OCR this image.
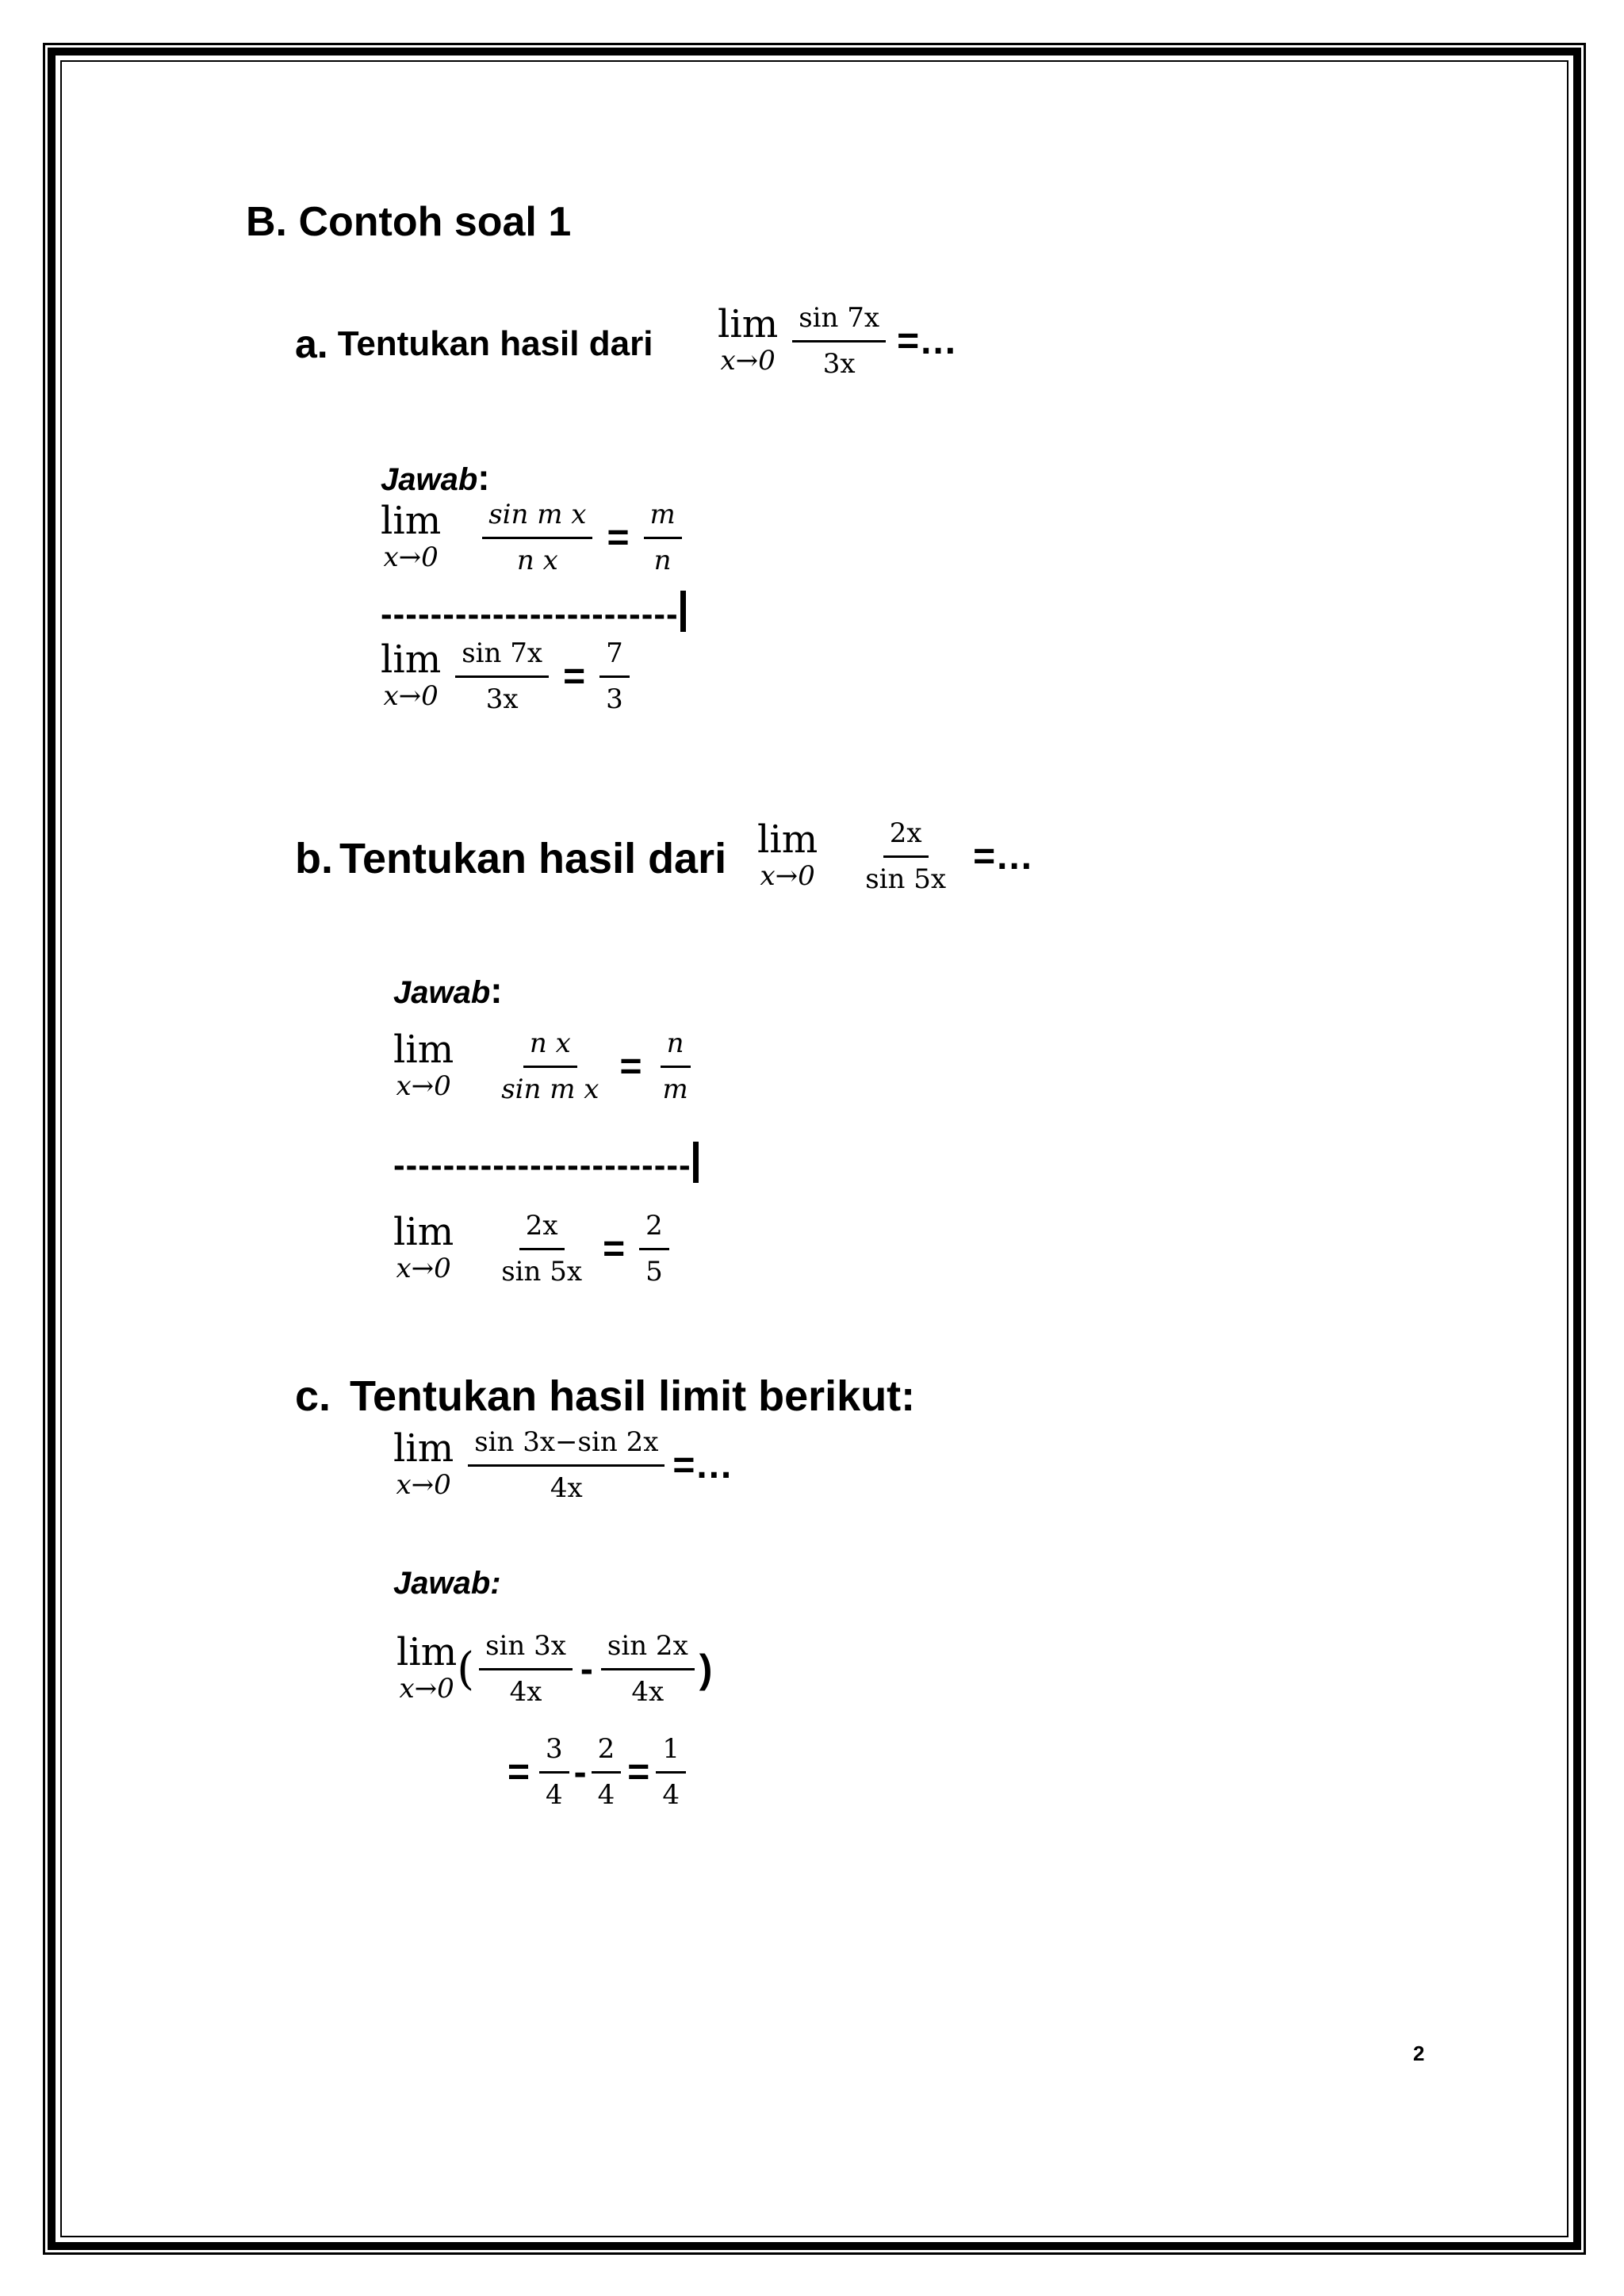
B. Contoh soal 1
a. Tentukan hasil dari lim
$x\to 0 \frac{\sin 7x}{3x}$ =…
Jawab:
lim
$x\to 0 \frac{\text{sin m x}}{\text{n x}} = \frac{m}{n}$
------------------------
lim
$x\to 0 \frac{\sin 7x}{3x} = \frac{7}{3}$
b. Tentukan hasil dari lim
$x\to 0 \frac{2x}{\sin 5x}$ =…
Jawab:
lim
$x\to 0 \frac{\text{n x}}{\text{sin m x}} = \frac{n}{m}$
------------------------
lim
$x\to 0 \frac{2x}{\sin 5x} = \frac{2}{5}$
c. Tentukan hasil limit berikut:
lim
$x\to 0 \frac{\sin 3x-\sin 2x}{4x}$ =…
Jawab:
lim
x→0 ( $\frac{\sin 3x}{4x} - \frac{\sin 2x}{4x}$ )
= $\frac{3}{4} - \frac{2}{4} = \frac{1}{4}$
2
